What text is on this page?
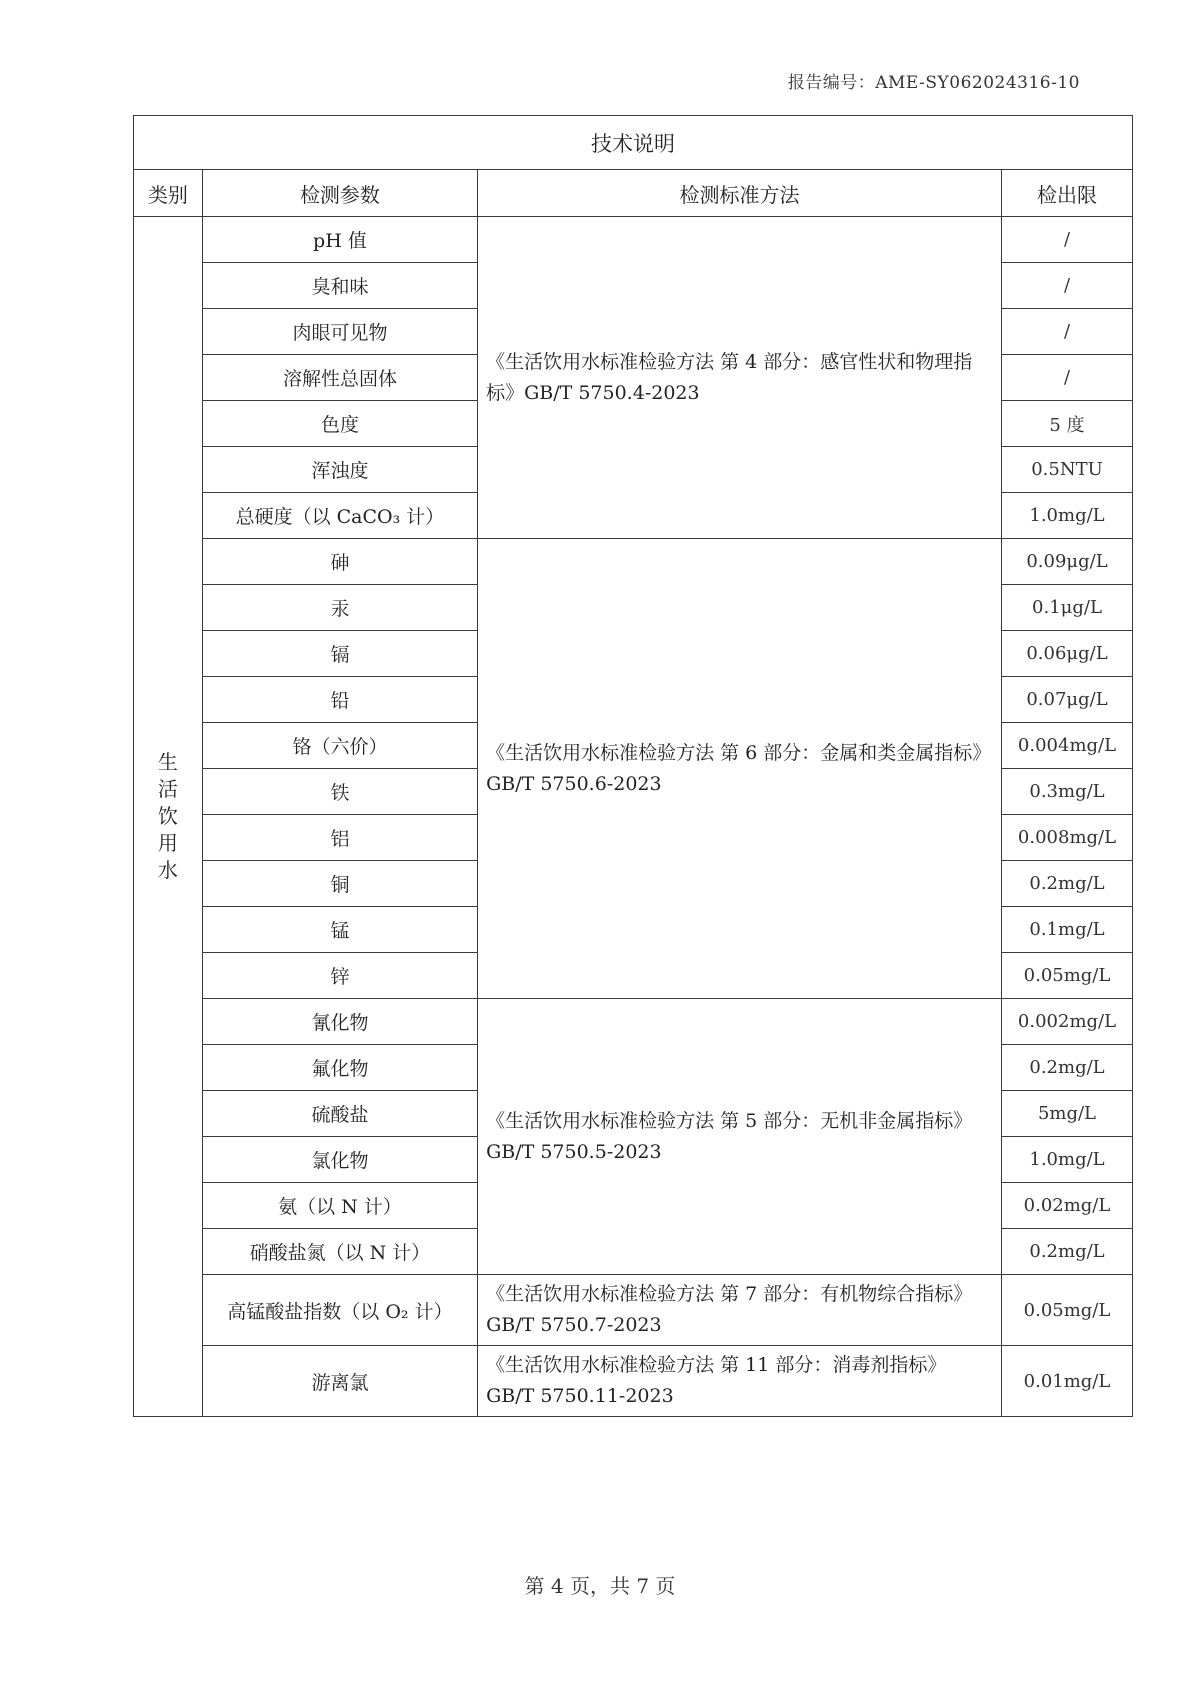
报告编号：AME-SY062024316-10
技术说明			
类别	检测参数	检测标准方法	检出限

生
活
饮
用
水	pH 值	《生活饮用水标准检验方法 第 4 部分：感官性状和物理指标》GB/T 5750.4-2023	/
	臭和味		/
	肉眼可见物		/
	溶解性总固体		/
	色度		5 度
	浑浊度		0.5NTU
	总硬度（以 CaCO₃ 计）		1.0mg/L
	砷	《生活饮用水标准检验方法 第 6 部分：金属和类金属指标》GB/T 5750.6-2023	0.09μg/L
	汞		0.1μg/L
	镉		0.06μg/L
	铅		0.07μg/L
	铬（六价）		0.004mg/L
	铁		0.3mg/L
	铝		0.008mg/L
	铜		0.2mg/L
	锰		0.1mg/L
	锌		0.05mg/L
	氰化物	《生活饮用水标准检验方法 第 5 部分：无机非金属指标》GB/T 5750.5-2023	0.002mg/L
	氟化物		0.2mg/L
	硫酸盐		5mg/L
	氯化物		1.0mg/L
	氨（以 N 计）		0.02mg/L
	硝酸盐氮（以 N 计）		0.2mg/L
	高锰酸盐指数（以 O₂ 计）	《生活饮用水标准检验方法 第 7 部分：有机物综合指标》GB/T 5750.7-2023	0.05mg/L
	游离氯	《生活饮用水标准检验方法 第 11 部分：消毒剂指标》GB/T 5750.11-2023	0.01mg/L
第 4 页，共 7 页
